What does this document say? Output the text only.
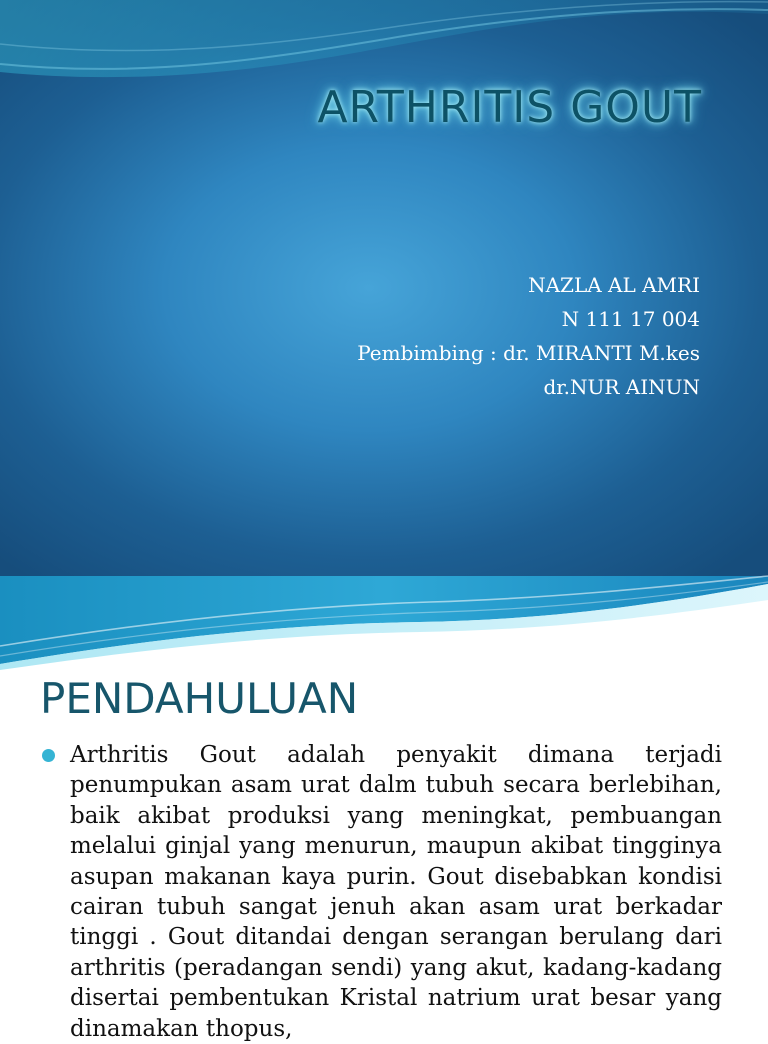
ARTHRITIS GOUT
NAZLA AL AMRI
N 111 17 004
Pembimbing : dr. MIRANTI M.kes
dr.NUR AINUN
PENDAHULUAN
Arthritis Gout adalah penyakit dimana terjadi penumpukan asam urat dalm tubuh secara berlebihan, baik akibat produksi yang meningkat, pembuangan melalui ginjal yang menurun, maupun akibat tingginya asupan makanan kaya purin. Gout disebabkan kondisi cairan tubuh sangat jenuh akan asam urat berkadar tinggi . Gout ditandai dengan serangan berulang dari arthritis (peradangan sendi) yang akut, kadang-kadang disertai pembentukan Kristal natrium urat besar yang dinamakan thopus,
